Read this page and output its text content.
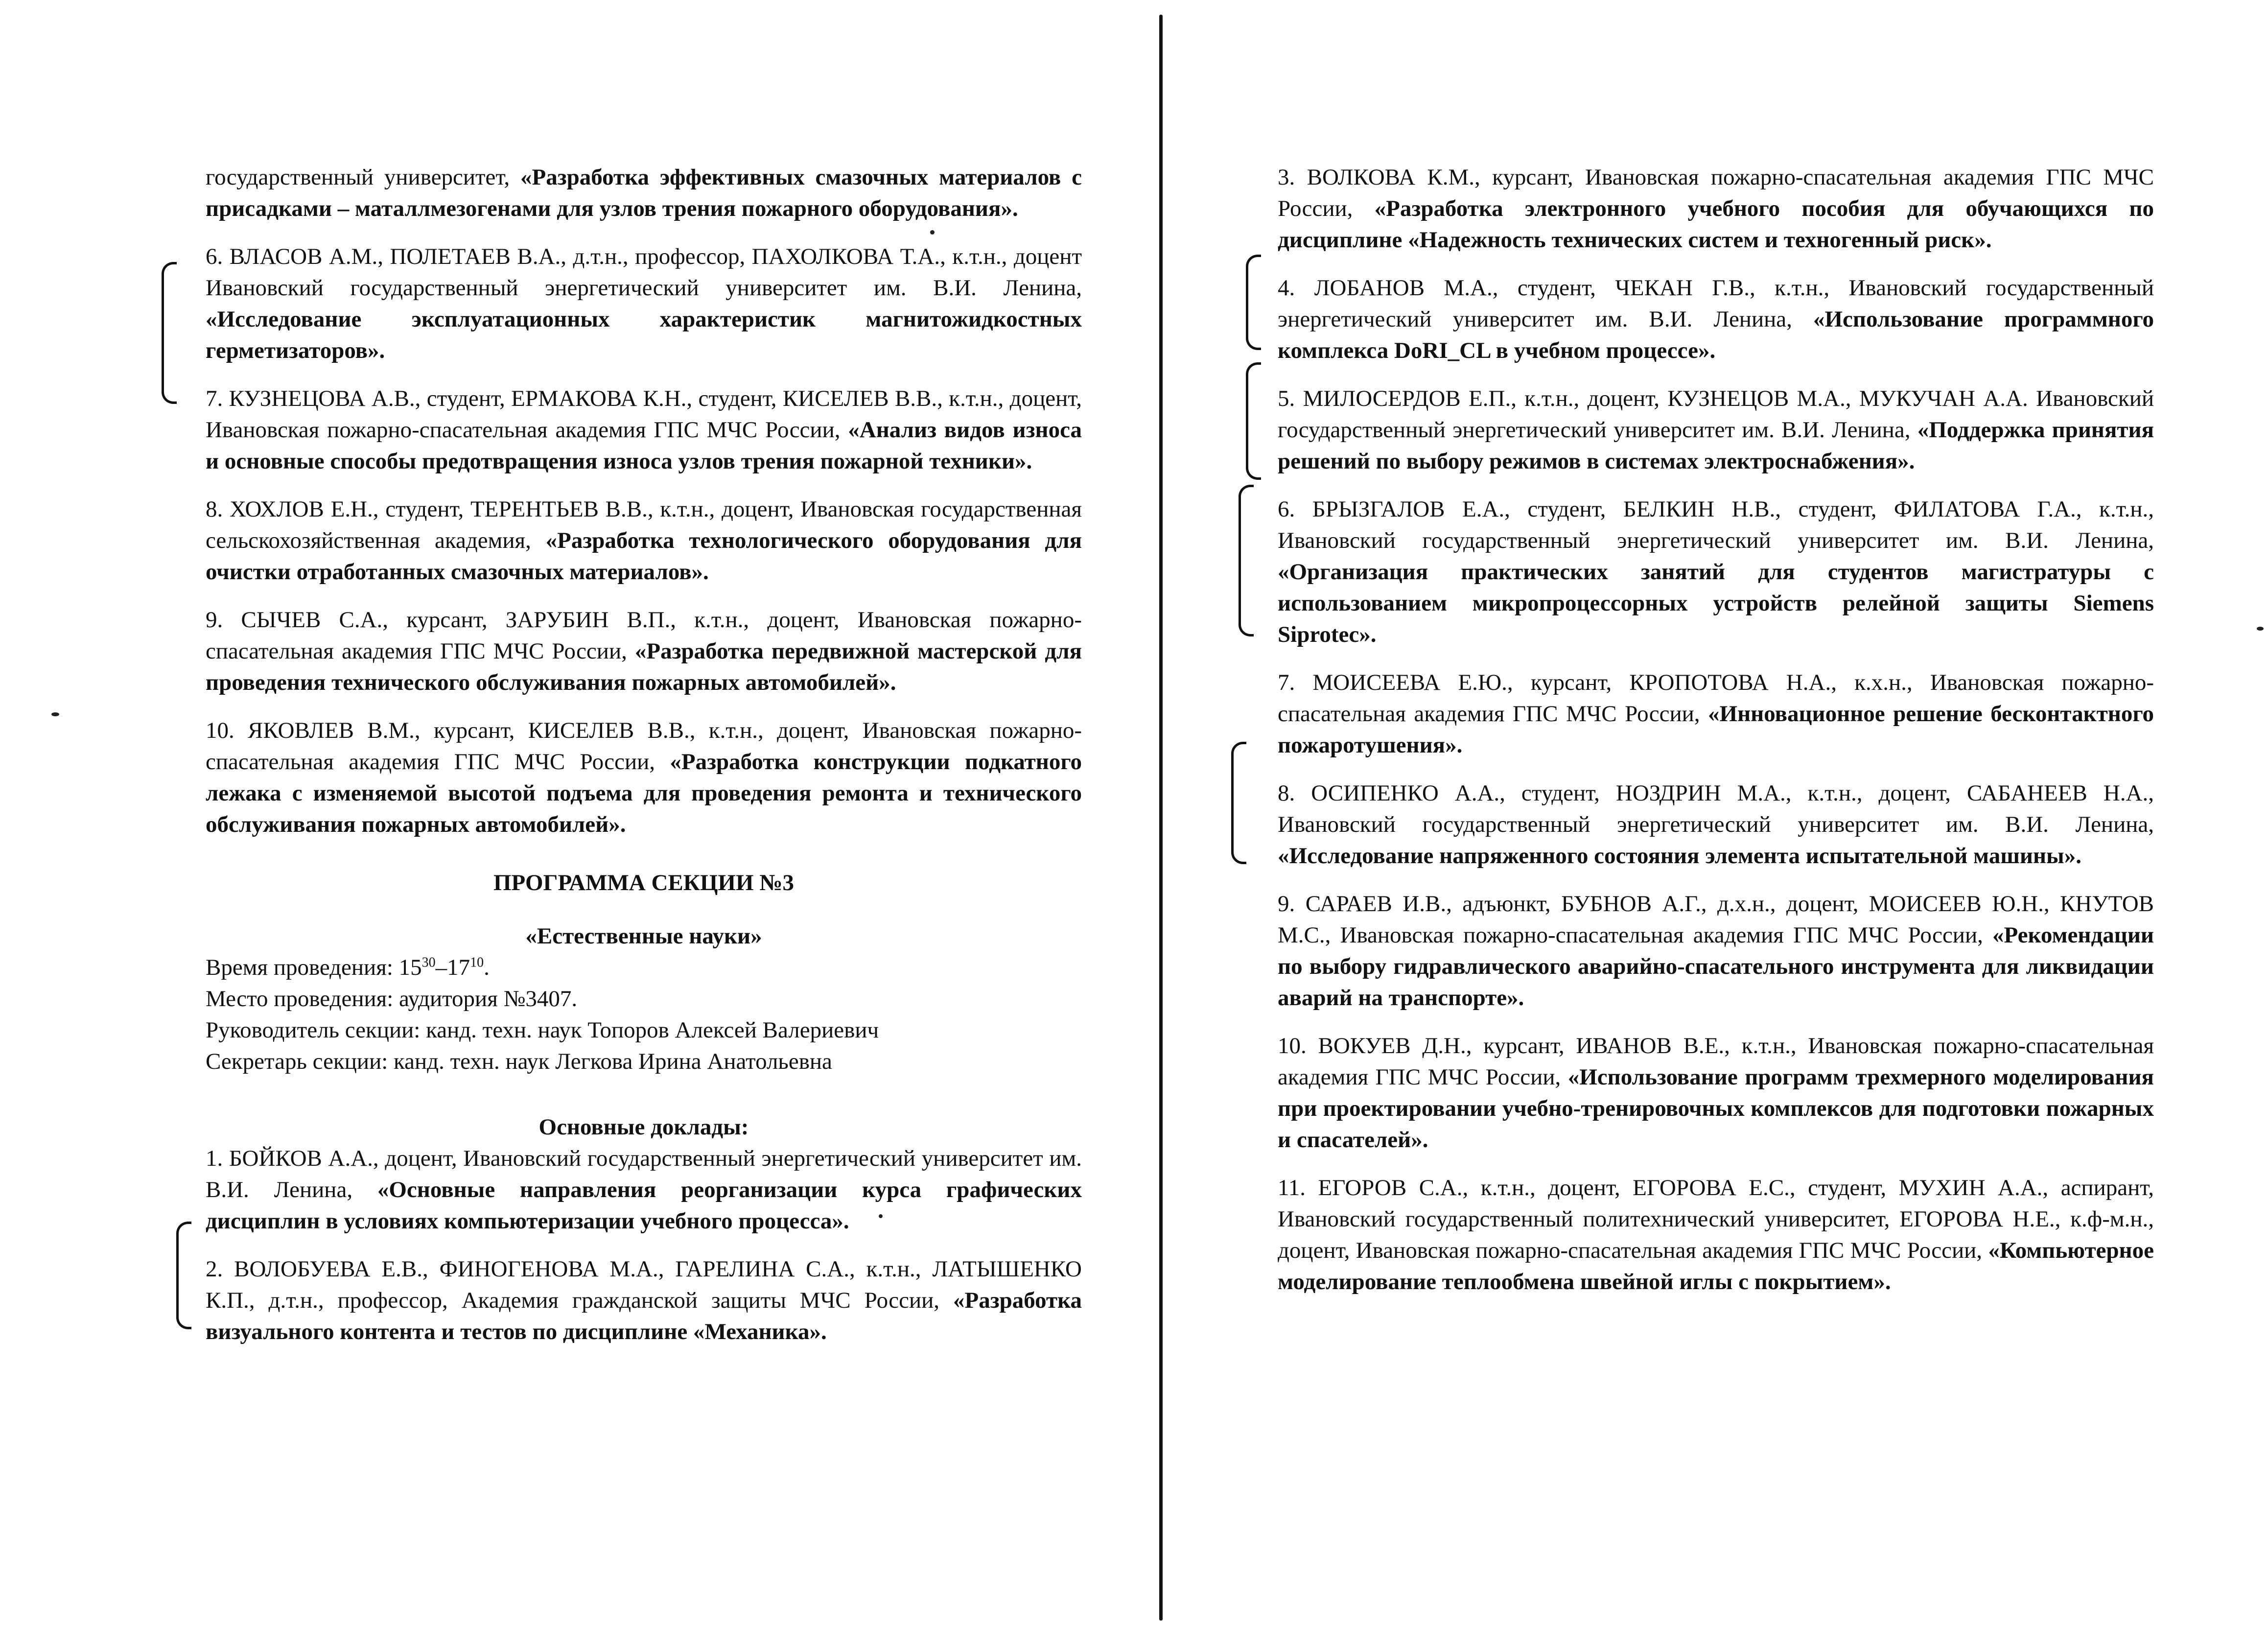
государственный университет, «Разработка эффективных смазочных материалов с присадками – маталлмезогенами для узлов трения пожарного оборудования».

6. ВЛАСОВ А.М., ПОЛЕТАЕВ В.А., д.т.н., профессор, ПАХОЛКОВА Т.А., к.т.н., доцент Ивановский государственный энергетический университет им. В.И. Ленина, «Исследование эксплуатационных характеристик магнитожидкостных герметизаторов».

7. КУЗНЕЦОВА А.В., студент, ЕРМАКОВА К.Н., студент, КИСЕЛЕВ В.В., к.т.н., доцент, Ивановская пожарно-спасательная академия ГПС МЧС России, «Анализ видов износа и основные способы предотвращения износа узлов трения пожарной техники».

8. ХОХЛОВ Е.Н., студент, ТЕРЕНТЬЕВ В.В., к.т.н., доцент, Ивановская государственная сельскохозяйственная академия, «Разработка технологического оборудования для очистки отработанных смазочных материалов».

9. СЫЧЕВ С.А., курсант, ЗАРУБИН В.П., к.т.н., доцент, Ивановская пожарно-спасательная академия ГПС МЧС России, «Разработка передвижной мастерской для проведения технического обслуживания пожарных автомобилей».

10. ЯКОВЛЕВ В.М., курсант, КИСЕЛЕВ В.В., к.т.н., доцент, Ивановская пожарно-спасательная академия ГПС МЧС России, «Разработка конструкции подкатного лежака с изменяемой высотой подъема для проведения ремонта и технического обслуживания пожарных автомобилей».

ПРОГРАММА СЕКЦИИ №3
«Естественные науки»

Время проведения: $15^{30}-17^{10}$.

Место проведения: аудитория №3407.

Руководитель секции: канд. техн. наук Топоров Алексей Валериевич

Секретарь секции: канд. техн. наук Легкова Ирина Анатольевна

Основные доклады:

1. БОЙКОВ А.А., доцент, Ивановский государственный энергетический университет им. В.И. Ленина, «Основные направления реорганизации курса графических дисциплин в условиях компьютеризации учебного процесса».

2. ВОЛОБУЕВА Е.В., ФИНОГЕНОВА М.А., ГАРЕЛИНА С.А., к.т.н., ЛАТЫШЕНКО К.П., д.т.н., профессор, Академия гражданской защиты МЧС России, «Разработка визуального контента и тестов по дисциплине «Механика».

3. ВОЛКОВА К.М., курсант, Ивановская пожарно-спасательная академия ГПС МЧС России, «Разработка электронного учебного пособия для обучающихся по дисциплине «Надежность технических систем и техногенный риск».

4. ЛОБАНОВ М.А., студент, ЧЕКАН Г.В., к.т.н., Ивановский государственный энергетический университет им. В.И. Ленина, «Использование программного комплекса DoRI_CL в учебном процессе».

5. МИЛОСЕРДОВ Е.П., к.т.н., доцент, КУЗНЕЦОВ М.А., МУКУЧАН А.А. Ивановский государственный энергетический университет им. В.И. Ленина, «Поддержка принятия решений по выбору режимов в системах электроснабжения».

6. БРЫЗГАЛОВ Е.А., студент, БЕЛКИН Н.В., студент, ФИЛАТОВА Г.А., к.т.н., Ивановский государственный энергетический университет им. В.И. Ленина, «Организация практических занятий для студентов магистратуры с использованием микропроцессорных устройств релейной защиты Siemens Siprotec».

7. МОИСЕЕВА Е.Ю., курсант, КРОПОТОВА Н.А., к.х.н., Ивановская пожарно-спасательная академия ГПС МЧС России, «Инновационное решение бесконтактного пожаротушения».

8. ОСИПЕНКО А.А., студент, НОЗДРИН М.А., к.т.н., доцент, САБАНЕЕВ Н.А., Ивановский государственный энергетический университет им. В.И. Ленина, «Исследование напряженного состояния элемента испытательной машины».

9. САРАЕВ И.В., адъюнкт, БУБНОВ А.Г., д.х.н., доцент, МОИСЕЕВ Ю.Н., КНУТОВ М.С., Ивановская пожарно-спасательная академия ГПС МЧС России, «Рекомендации по выбору гидравлического аварийно-спасательного инструмента для ликвидации аварий на транспорте».

10. ВОКУЕВ Д.Н., курсант, ИВАНОВ В.Е., к.т.н., Ивановская пожарно-спасательная академия ГПС МЧС России, «Использование программ трехмерного моделирования при проектировании учебно-тренировочных комплексов для подготовки пожарных и спасателей».

11. ЕГОРОВ С.А., к.т.н., доцент, ЕГОРОВА Е.С., студент, МУХИН А.А., аспирант, Ивановский государственный политехнический университет, ЕГОРОВА Н.Е., к.ф-м.н., доцент, Ивановская пожарно-спасательная академия ГПС МЧС России, «Компьютерное моделирование теплообмена швейной иглы с покрытием».
